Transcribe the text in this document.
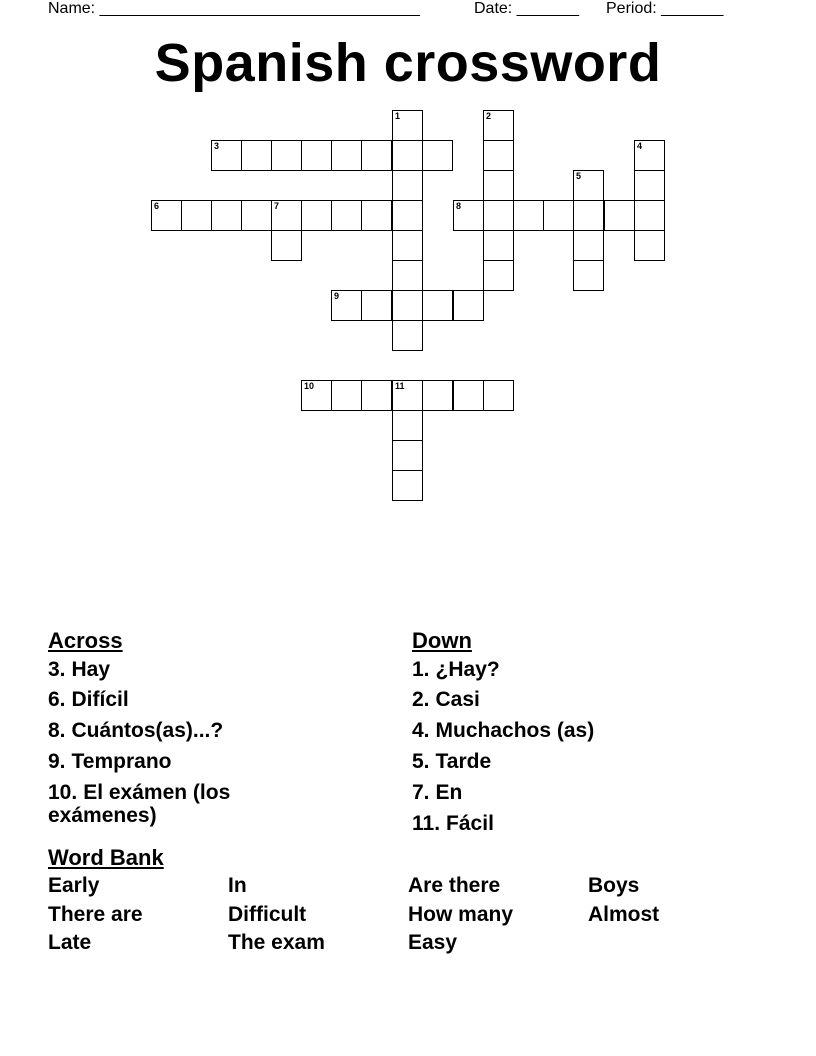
Name: ____________________________________	Date: _______ Period: _______
Spanish crossword
1	2
3	4
5
6	7	8
9
10	11
Across
3. Hay
6. Difícil
8. Cuántos(as)...?
9. Temprano
10. El exámen (los exámenes)
Down
1. ¿Hay?
2. Casi
4. Muchachos (as)
5. Tarde
7. En
11. Fácil
Word Bank
Early	In	Are there	Boys
There are	Difficult	How many	Almost
Late	The exam	Easy
